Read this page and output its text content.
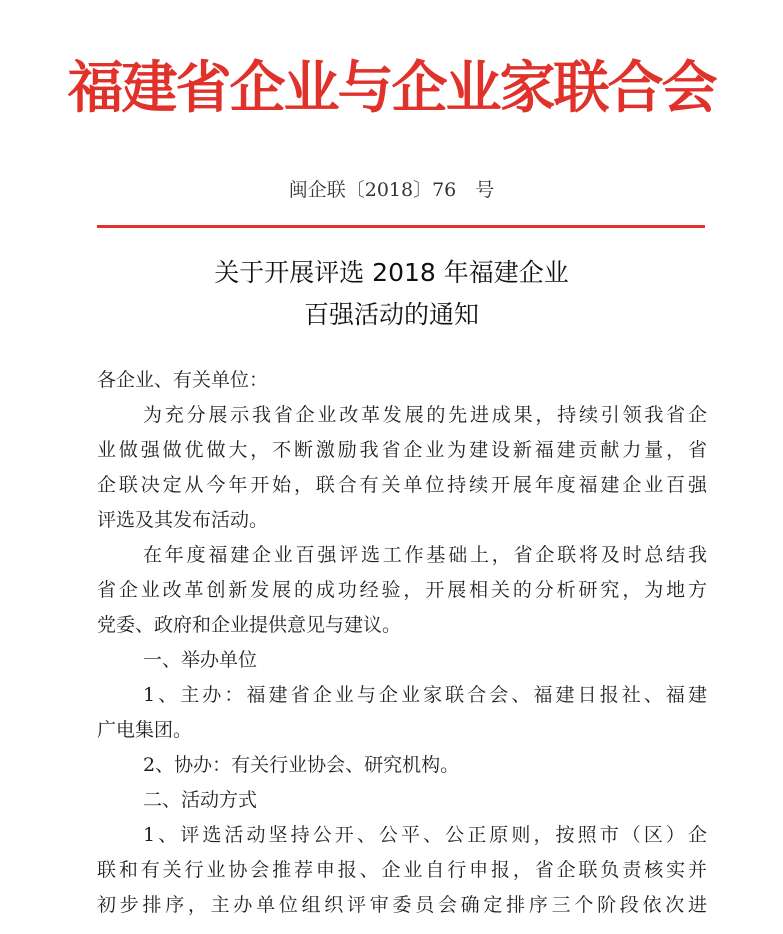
福建省企业与企业家联合会
闽企联〔2018〕76　号
关于开展评选 2018 年福建企业
百强活动的通知
各企业、有关单位：
为充分展示我省企业改革发展的先进成果，持续引领我省企
业做强做优做大，不断激励我省企业为建设新福建贡献力量，省
企联决定从今年开始，联合有关单位持续开展年度福建企业百强
评选及其发布活动。
在年度福建企业百强评选工作基础上，省企联将及时总结我
省企业改革创新发展的成功经验，开展相关的分析研究，为地方
党委、政府和企业提供意见与建议。
一、举办单位
1、主办：福建省企业与企业家联合会、福建日报社、福建
广电集团。
2、协办：有关行业协会、研究机构。
二、活动方式
1、评选活动坚持公开、公平、公正原则，按照市（区）企
联和有关行业协会推荐申报、企业自行申报，省企联负责核实并
初步排序，主办单位组织评审委员会确定排序三个阶段依次进
